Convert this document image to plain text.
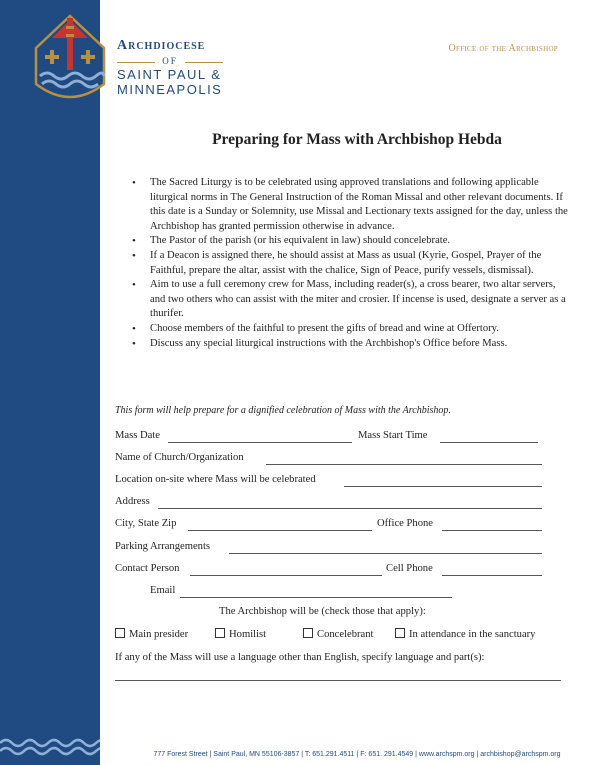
Archdiocese
OF
SAINT PAUL &
MINNEAPOLIS
Office of the Archbishop
Preparing for Mass with Archbishop Hebda
• The Sacred Liturgy is to be celebrated using approved translations and following applicable liturgical norms in The General Instruction of the Roman Missal and other relevant documents. If this date is a Sunday or Solemnity, use Missal and Lectionary texts assigned for the day, unless the Archbishop has granted permission otherwise in advance.
• The Pastor of the parish (or his equivalent in law) should concelebrate.
• If a Deacon is assigned there, he should assist at Mass as usual (Kyrie, Gospel, Prayer of the Faithful, prepare the altar, assist with the chalice, Sign of Peace, purify vessels, dismissal).
• Aim to use a full ceremony crew for Mass, including reader(s), a cross bearer, two altar servers, and two others who can assist with the miter and crosier. If incense is used, designate a server as a thurifer.
• Choose members of the faithful to present the gifts of bread and wine at Offertory.
• Discuss any special liturgical instructions with the Archbishop's Office before Mass.
This form will help prepare for a dignified celebration of Mass with the Archbishop.
Mass Date	Mass Start Time
Name of Church/Organization
Location on-site where Mass will be celebrated
Address
City, State Zip	Office Phone
Parking Arrangements
Contact Person	Cell Phone
Email
The Archbishop will be (check those that apply):
Main presider	Homilist	Concelebrant	In attendance in the sanctuary
If any of the Mass will use a language other than English, specify language and part(s):
777 Forest Street | Saint Paul, MN 55106-3857 | T: 651.291.4511 | F: 651. 291.4549 | www.archspm.org | archbishop@archspm.org
